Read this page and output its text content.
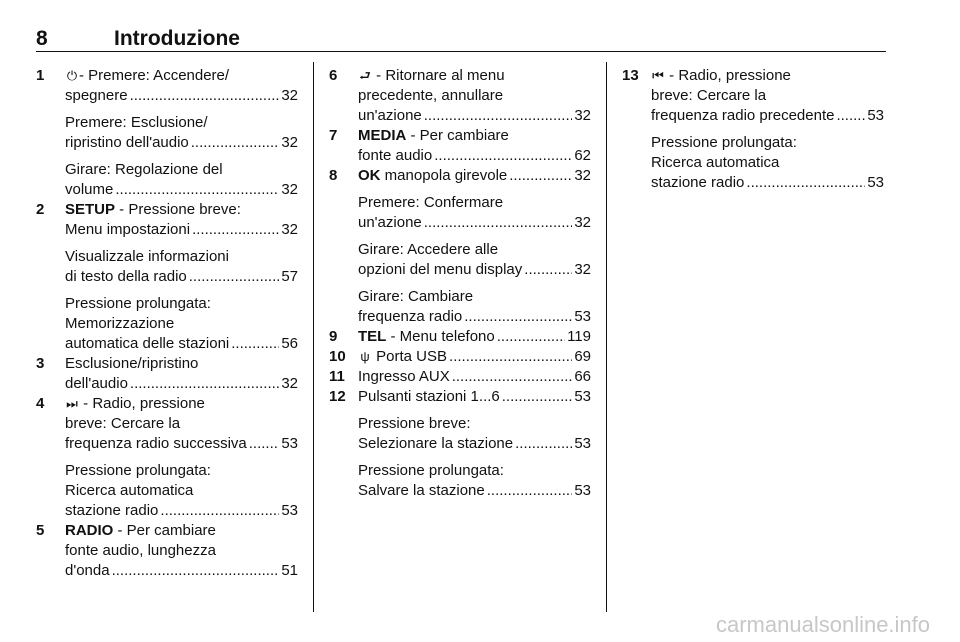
8	Introduzione
1 ⏻ - Premere: Accendere/
spegnere .....	32
Premere: Esclusione/
ripristino dell'audio .....	32
Girare: Regolazione del
volume .....	32
2 SETUP - Pressione breve:
Menu impostazioni .....	32
Visualizzale informazioni
di testo della radio .....	57
Pressione prolungata:
Memorizzazione
automatica delle stazioni .....	56
3 Esclusione/ripristino
dell'audio .....	32
4 ⏭ - Radio, pressione
breve: Cercare la
frequenza radio successiva ..... 53
Pressione prolungata:
Ricerca automatica
stazione radio .....	53
5 RADIO - Per cambiare
fonte audio, lunghezza
d'onda .....	51
6 ⮐ - Ritornare al menu
precedente, annullare
un'azione .....	32
7 MEDIA - Per cambiare
fonte audio .....	62
8 OK manopola girevole .....	32
Premere: Confermare
un'azione .....	32
Girare: Accedere alle
opzioni del menu display .....	32
Girare: Cambiare
frequenza radio .....	53
9 TEL - Menu telefono .....	119
10 ψ Porta USB .....	69
11 Ingresso AUX .....	66
12 Pulsanti stazioni 1...6 .....	53
Pressione breve:
Selezionare la stazione .....	53
Pressione prolungata:
Salvare la stazione .....	53
13 ⏮ - Radio, pressione
breve: Cercare la
frequenza radio precedente ..... 53
Pressione prolungata:
Ricerca automatica
stazione radio .....	53
carmanualsonline.info
